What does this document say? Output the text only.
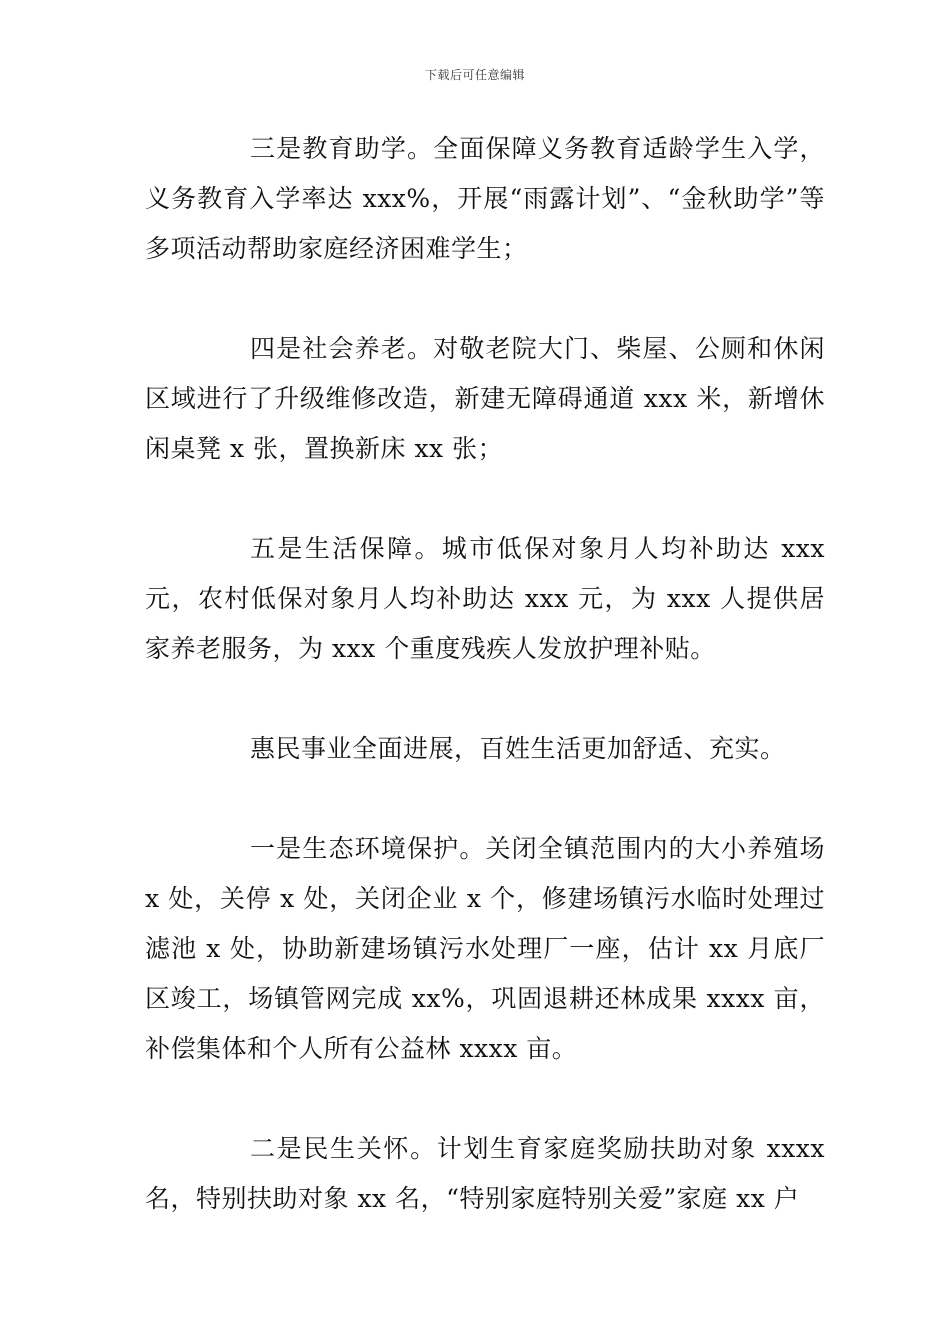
下载后可任意编辑

三是教育助学。全面保障义务教育适龄学生入学，义务教育入学率达 xxx%，开展“雨露计划”、“金秋助学”等多项活动帮助家庭经济困难学生；

四是社会养老。对敬老院大门、柴屋、公厕和休闲区域进行了升级维修改造，新建无障碍通道 xxx 米，新增休闲桌凳 x 张，置换新床 xx 张；

五是生活保障。城市低保对象月人均补助达 xxx 元，农村低保对象月人均补助达 xxx 元，为 xxx 人提供居家养老服务，为 xxx 个重度残疾人发放护理补贴。

惠民事业全面进展，百姓生活更加舒适、充实。

一是生态环境保护。关闭全镇范围内的大小养殖场 x 处，关停 x 处，关闭企业 x 个，修建场镇污水临时处理过滤池 x 处，协助新建场镇污水处理厂一座，估计 xx 月底厂区竣工，场镇管网完成 xx%，巩固退耕还林成果 xxxx 亩，补偿集体和个人所有公益林 xxxx 亩。

二是民生关怀。计划生育家庭奖励扶助对象 xxxx 名，特别扶助对象 xx 名，“特别家庭特别关爱”家庭 xx 户
